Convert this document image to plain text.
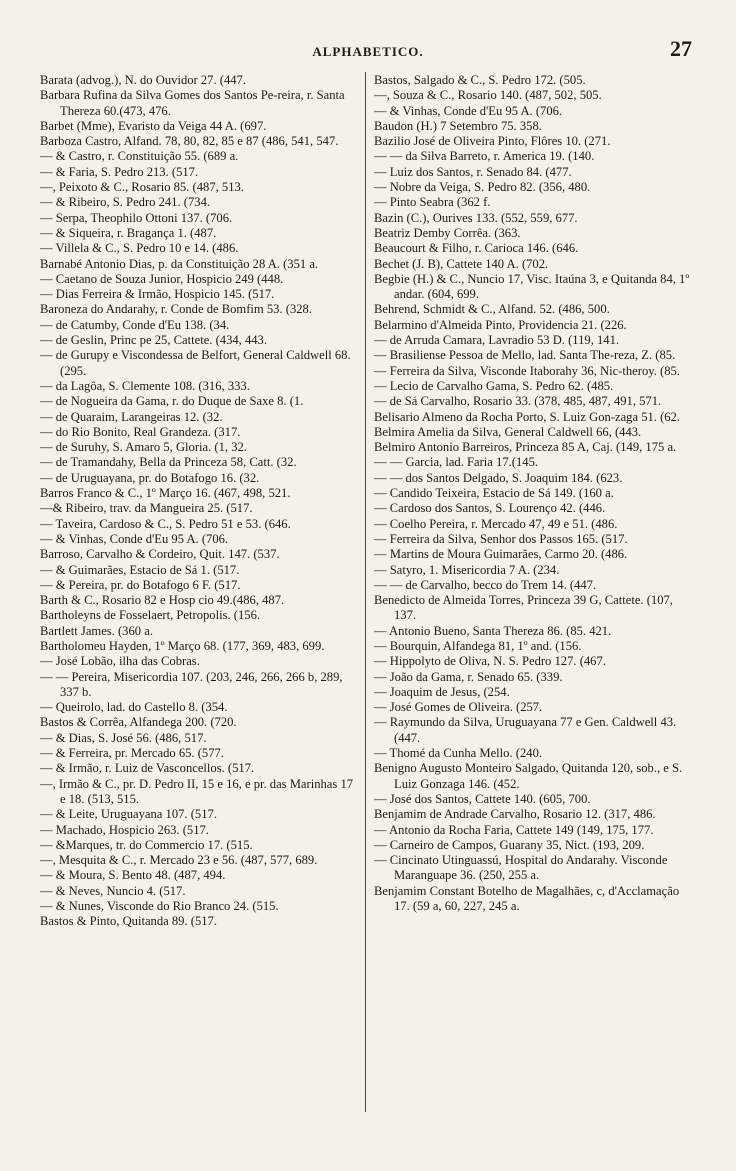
ALPHABETICO.	27
Barata (advog.), N. do Ouvidor 27. (447.
Barbara Rufina da Silva Gomes dos Santos Pe-reira, r. Santa Thereza 60.(473, 476.
Barbet (Mme), Evaristo da Veiga 44 A. (697.
Barboza Castro, Alfand. 78, 80, 82, 85 e 87 (486, 541, 547.
— & Castro, r. Constituição 55. (689 a.
— & Faria, S. Pedro 213. (517.
—, Peixoto & C., Rosario 85. (487, 513.
— & Ribeiro, S. Pedro 241. (734.
— Serpa, Theophilo Ottoni 137. (706.
— & Siqueira, r. Bragança 1. (487.
— Villela & C., S. Pedro 10 e 14. (486.
Barnabé Antonio Dias, p. da Constituição 28 A. (351 a.
— Caetano de Souza Junior, Hospicio 249 (448.
— Dias Ferreira & Irmão, Hospicio 145. (517.
Baroneza do Andarahy, r. Conde de Bomfim 53. (328.
— de Catumby, Conde d'Eu 138. (34.
— de Geslin, Princ pe 25, Cattete. (434, 443.
— de Gurupy e Viscondessa de Belfort, General Caldwell 68. (295.
— da Lagôa, S. Clemente 108. (316, 333.
— de Nogueira da Gama, r. do Duque de Saxe 8. (1.
— de Quaraim, Larangeiras 12. (32.
— do Rio Bonito, Real Grandeza. (317.
— de Suruhy, S. Amaro 5, Gloria. (1, 32.
— de Tramandahy, Bella da Princeza 58, Catt. (32.
— de Uruguayana, pr. do Botafogo 16. (32.
Barros Franco & C., 1º Março 16. (467, 498, 521.
—& Ribeiro, trav. da Mangueira 25. (517.
— Taveira, Cardoso & C., S. Pedro 51 e 53. (646.
— & Vinhas, Conde d'Eu 95 A. (706.
Barroso, Carvalho & Cordeiro, Quit. 147. (537.
— & Guimarães, Estacio de Sá 1. (517.
— & Pereira, pr. do Botafogo 6 F. (517.
Barth & C., Rosario 82 e Hosp cio 49.(486, 487.
Bartholeyns de Fosselaert, Petropolis. (156.
Bartlett James. (360 a.
Bartholomeu Hayden, 1º Março 68. (177, 369, 483, 699.
— José Lobão, ilha das Cobras.
— — Pereira, Misericordia 107. (203, 246, 266, 266 b, 289, 337 b.
— Queirolo, lad. do Castello 8. (354.
Bastos & Corrêa, Alfandega 200. (720.
— & Dias, S. José 56. (486, 517.
— & Ferreira, pr. Mercado 65. (577.
— & Irmão, r. Luiz de Vasconcellos. (517.
—, Irmão & C., pr. D. Pedro II, 15 e 16, e pr. das Marinhas 17 e 18. (513, 515.
— & Leite, Uruguayana 107. (517.
— Machado, Hospicio 263. (517.
— &Marques, tr. do Commercio 17. (515.
—, Mesquita & C., r. Mercado 23 e 56. (487, 577, 689.
— & Moura, S. Bento 48. (487, 494.
— & Neves, Nuncio 4. (517.
— & Nunes, Visconde do Rio Branco 24. (515.
Bastos & Pinto, Quitanda 89. (517.
Bastos, Salgado & C., S. Pedro 172. (505.
—, Souza & C., Rosario 140. (487, 502, 505.
— & Vinhas, Conde d'Eu 95 A. (706.
Baudon (H.) 7 Setembro 75. 358.
Bazilio José de Oliveira Pinto, Flôres 10. (271.
— — da Silva Barreto, r. America 19. (140.
— Luiz dos Santos, r. Senado 84. (477.
— Nobre da Veiga, S. Pedro 82. (356, 480.
— Pinto Seabra (362 f.
Bazin (C.), Ourives 133. (552, 559, 677.
Beatriz Demby Corrêa. (363.
Beaucourt & Filho, r. Carioca 146. (646.
Bechet (J. B), Cattete 140 A. (702.
Begbie (H.) & C., Nuncio 17, Visc. Itaúna 3, e Quitanda 84, 1º andar. (604, 699.
Behrend, Schmidt & C., Alfand. 52. (486, 500.
Belarmino d'Almeida Pinto, Providencia 21. (226.
— de Arruda Camara, Lavradio 53 D. (119, 141.
— Brasiliense Pessoa de Mello, lad. Santa The-reza, Z. (85.
— Ferreira da Silva, Visconde Itaborahy 36, Nic-theroy. (85.
— Lecio de Carvalho Gama, S. Pedro 62. (485.
— de Sá Carvalho, Rosario 33. (378, 485, 487, 491, 571.
Belisario Almeno da Rocha Porto, S. Luiz Gon-zaga 51. (62.
Belmira Amelia da Silva, General Caldwell 66, (443.
Belmiro Antonio Barreiros, Princeza 85 A, Caj. (149, 175 a.
— — Garcia, lad. Faria 17.(145.
— — dos Santos Delgado, S. Joaquim 184. (623.
— Candido Teixeira, Estacio de Sá 149. (160 a.
— Cardoso dos Santos, S. Lourenço 42. (446.
— Coelho Pereira, r. Mercado 47, 49 e 51. (486.
— Ferreira da Silva, Senhor dos Passos 165. (517.
— Martins de Moura Guimarães, Carmo 20. (486.
— Satyro, 1. Misericordia 7 A. (234.
— — de Carvalho, becco do Trem 14. (447.
Benedicto de Almeida Torres, Princeza 39 G, Cattete. (107, 137.
— Antonio Bueno, Santa Thereza 86. (85. 421.
— Bourquin, Alfandega 81, 1º and. (156.
— Hippolyto de Oliva, N. S. Pedro 127. (467.
— João da Gama, r. Senado 65. (339.
— Joaquim de Jesus, (254.
— José Gomes de Oliveira. (257.
— Raymundo da Silva, Uruguayana 77 e Gen. Caldwell 43. (447.
— Thomé da Cunha Mello. (240.
Benigno Augusto Monteiro Salgado, Quitanda 120, sob., e S. Luiz Gonzaga 146. (452.
— José dos Santos, Cattete 140. (605, 700.
Benjamim de Andrade Carvalho, Rosario 12. (317, 486.
— Antonio da Rocha Faria, Cattete 149 (149, 175, 177.
— Carneiro de Campos, Guarany 35, Nict. (193, 209.
— Cincinato Utinguassú, Hospital do Andarahy. Visconde Maranguape 36. (250, 255 a.
Benjamim Constant Botelho de Magalhães, c, d'Acclamação 17. (59 a, 60, 227, 245 a.
